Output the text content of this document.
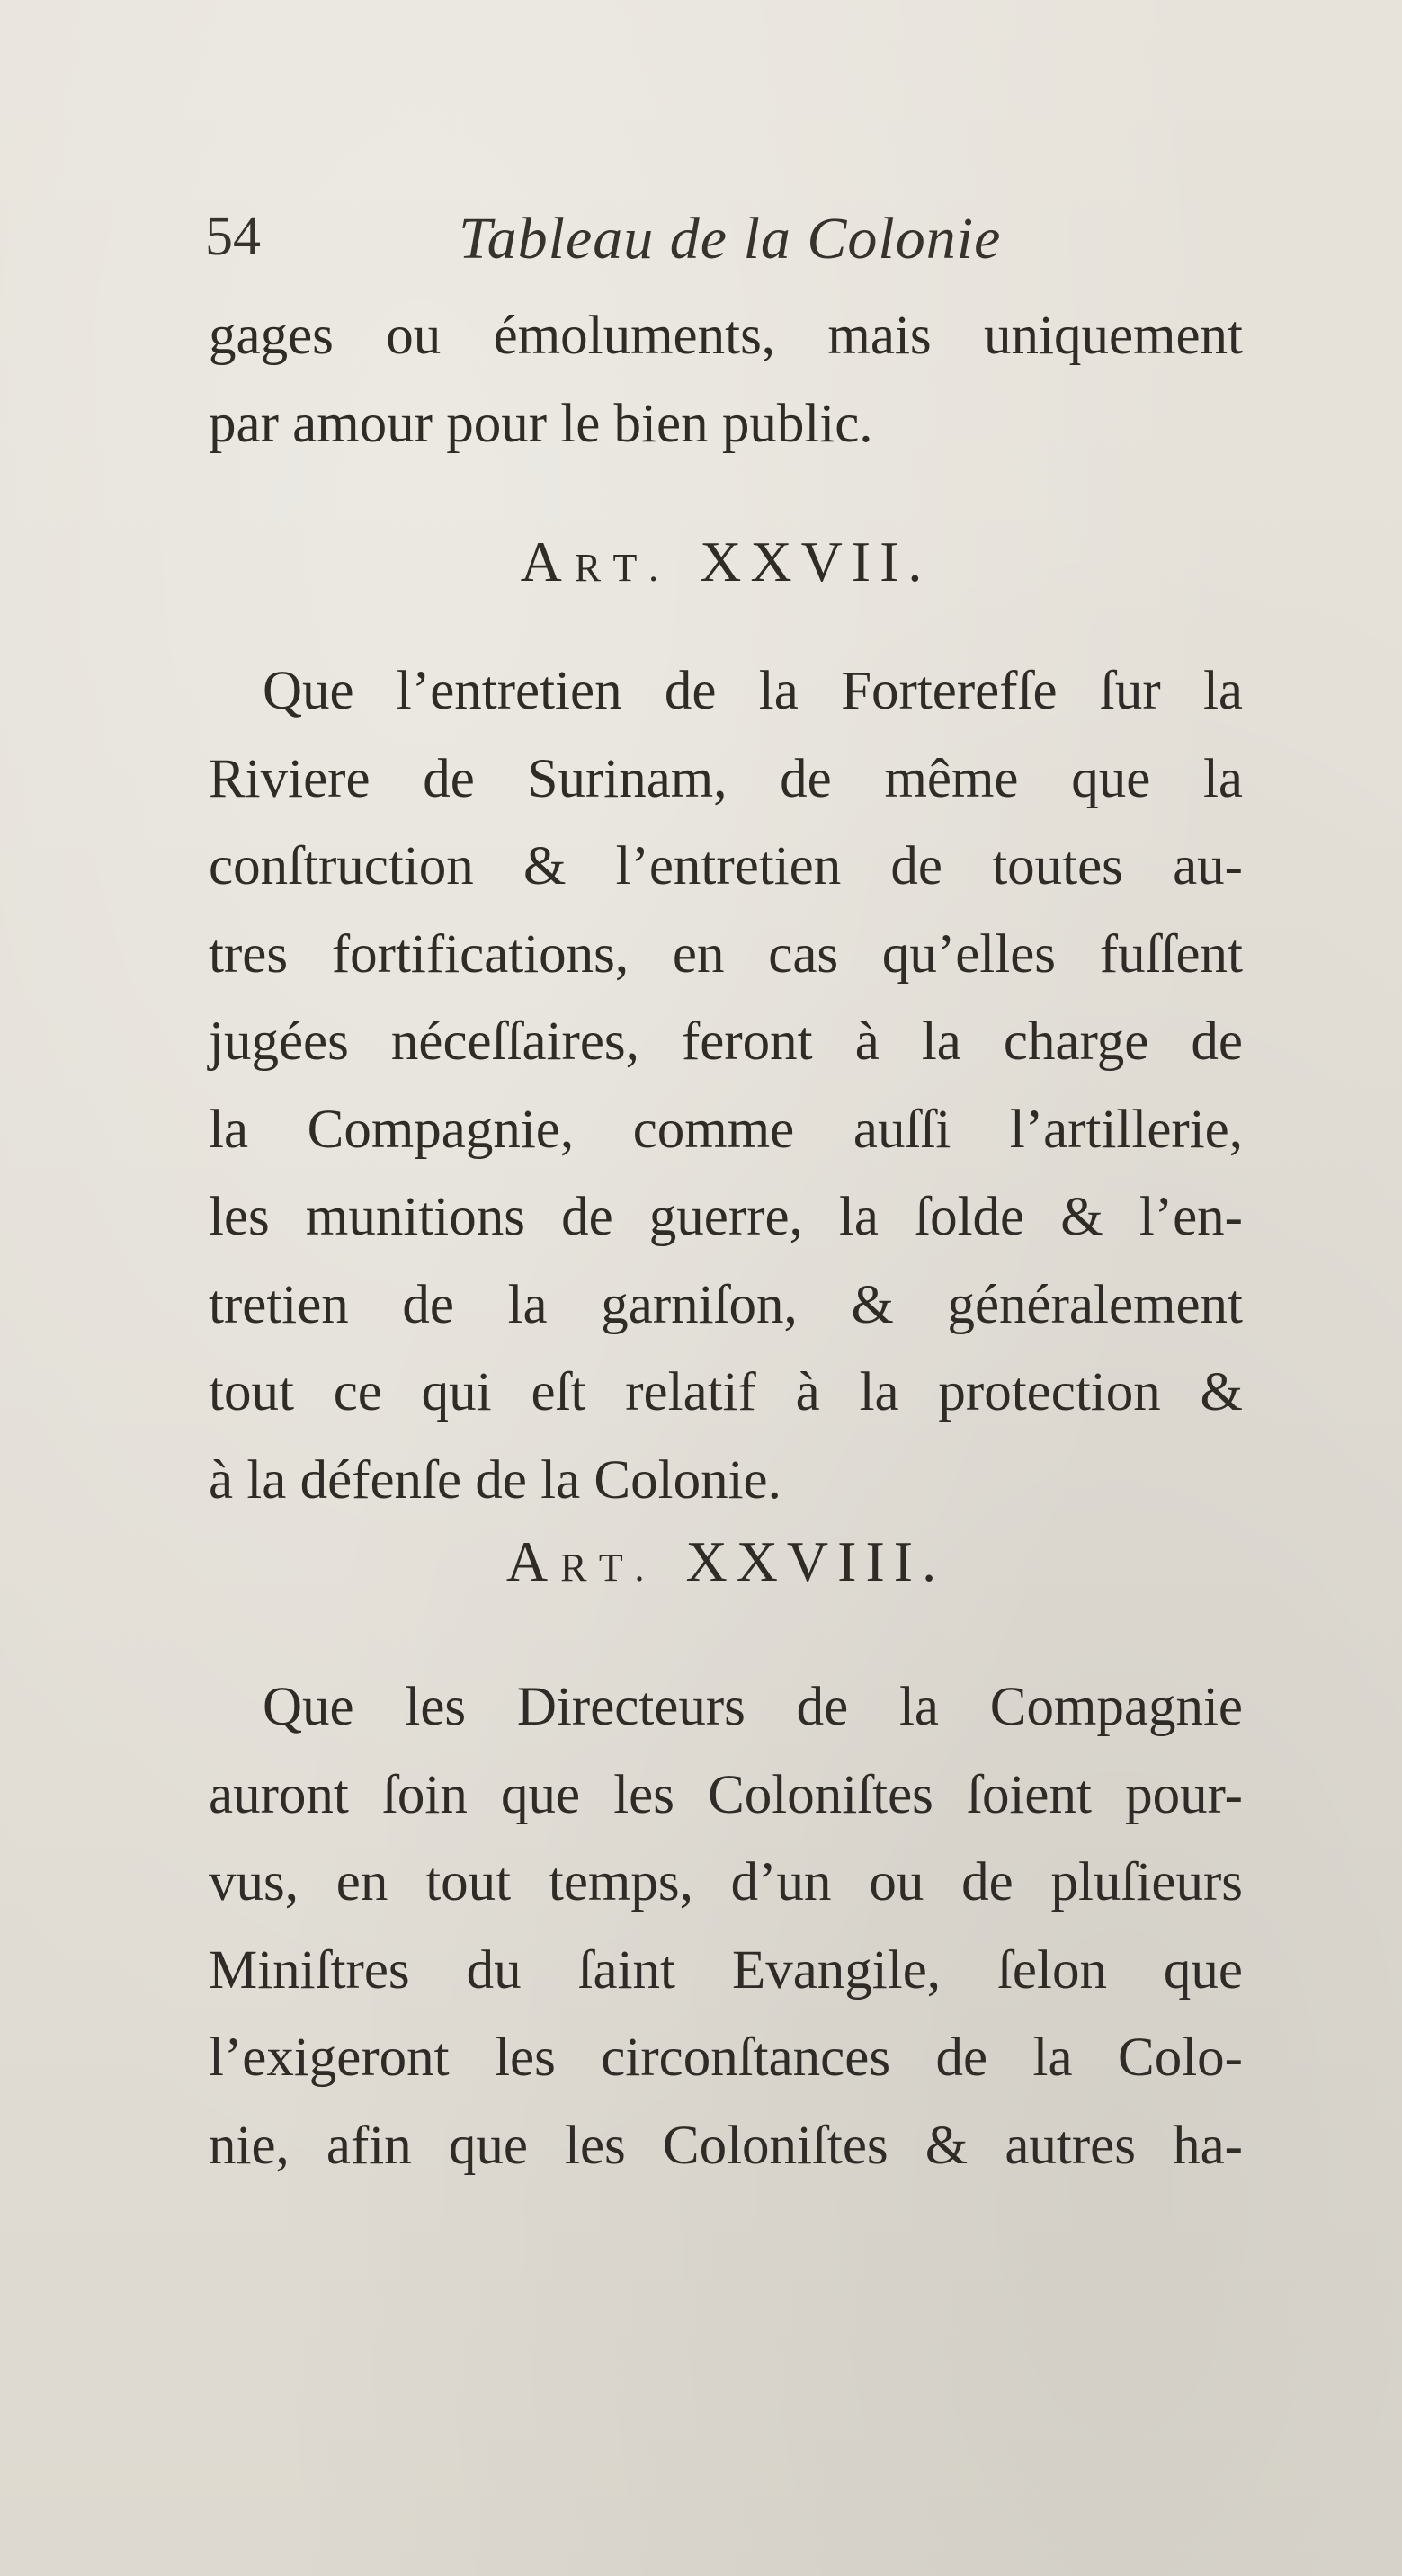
54	Tableau de la Colonie
gages ou émoluments, mais uniquement
par amour pour le bien public.
ART. XXVII.
Que l’entretien de la Forterefſe ſur la
Riviere de Surinam, de même que la
conſtruction & l’entretien de toutes au-
tres fortifications, en cas qu’elles fuſſent
jugées néceſſaires, feront à la charge de
la Compagnie, comme auſſi l’artillerie,
les munitions de guerre, la ſolde & l’en-
tretien de la garniſon, & généralement
tout ce qui eſt relatif à la protection &
à la défenſe de la Colonie.
ART. XXVIII.
Que les Directeurs de la Compagnie
auront ſoin que les Coloniſtes ſoient pour-
vus, en tout temps, d’un ou de pluſieurs
Miniſtres du ſaint Evangile, ſelon que
l’exigeront les circonſtances de la Colo-
nie, afin que les Coloniſtes & autres ha-
